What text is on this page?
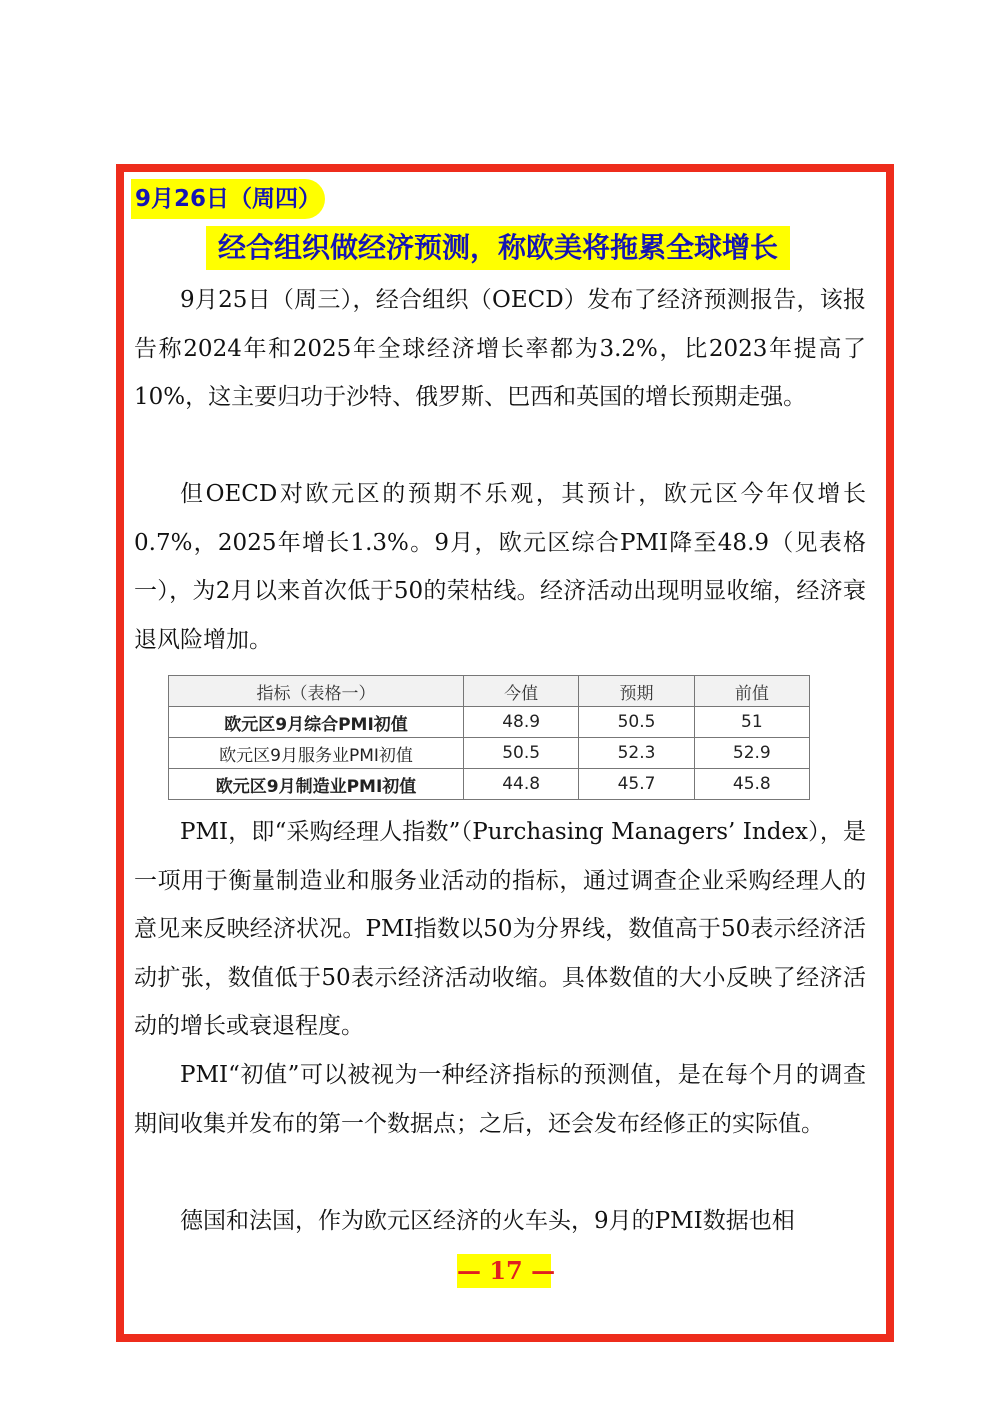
9月26日（周四）
经合组织做经济预测，称欧美将拖累全球增长

9月25日（周三），经合组织（OECD）发布了经济预测报告，该报告称2024年和2025年全球经济增长率都为3.2%，比2023年提高了10%，这主要归功于沙特、俄罗斯、巴西和英国的增长预期走强。

但OECD对欧元区的预期不乐观，其预计，欧元区今年仅增长0.7%，2025年增长1.3%。9月，欧元区综合PMI降至48.9（见表格一），为2月以来首次低于50的荣枯线。经济活动出现明显收缩，经济衰退风险增加。

指标（表格一）	今值	预期	前值
欧元区9月综合PMI初值	48.9	50.5	51
欧元区9月服务业PMI初值	50.5	52.3	52.9
欧元区9月制造业PMI初值	44.8	45.7	45.8

PMI，即“采购经理人指数”（Purchasing Managers’ Index），是一项用于衡量制造业和服务业活动的指标，通过调查企业采购经理人的意见来反映经济状况。PMI指数以50为分界线，数值高于50表示经济活动扩张，数值低于50表示经济活动收缩。具体数值的大小反映了经济活动的增长或衰退程度。

PMI“初值”可以被视为一种经济指标的预测值，是在每个月的调查期间收集并发布的第一个数据点；之后，还会发布经修正的实际值。

德国和法国，作为欧元区经济的火车头，9月的PMI数据也相

— 17 —
